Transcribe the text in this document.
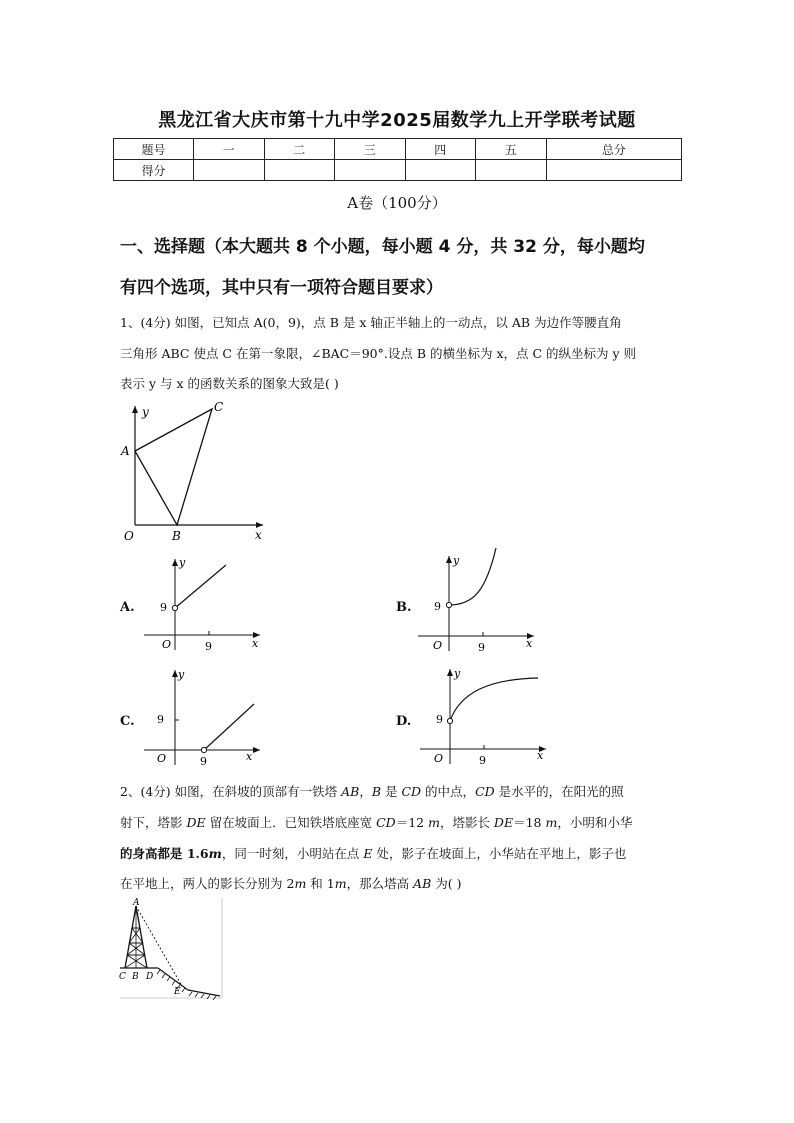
黑龙江省大庆市第十九中学2025届数学九上开学联考试题
题号	一	二	三	四	五	总分
得分						
A卷（100分）
一、选择题（本大题共 8 个小题，每小题 4 分，共 32 分，每小题均
有四个选项，其中只有一项符合题目要求）
1、(4分) 如图，已知点 A(0，9)，点 B 是 x 轴正半轴上的一动点，以 AB 为边作等腰直角
三角形 ABC 使点 C 在第一象限，∠BAC＝90°.设点 B 的横坐标为 x，点 C 的纵坐标为 y 则
表示 y 与 x 的函数关系的图象大致是( )
y
A
C
O	B	x
A.
y
9
O	9	x
B.
y
9
O	9	x
C.
y
9
O	9	x
D.
y
9
O	9	x
2、(4分) 如图，在斜坡的顶部有一铁塔 AB，B 是 CD 的中点，CD 是水平的，在阳光的照
射下，塔影 DE 留在坡面上．已知铁塔底座宽 CD＝12 m，塔影长 DE＝18 m，小明和小华
的身高都是 1.6m，同一时刻，小明站在点 E 处，影子在坡面上，小华站在平地上，影子也
在平地上，两人的影长分别为 2m 和 1m，那么塔高 AB 为( )
A
C B D
E
